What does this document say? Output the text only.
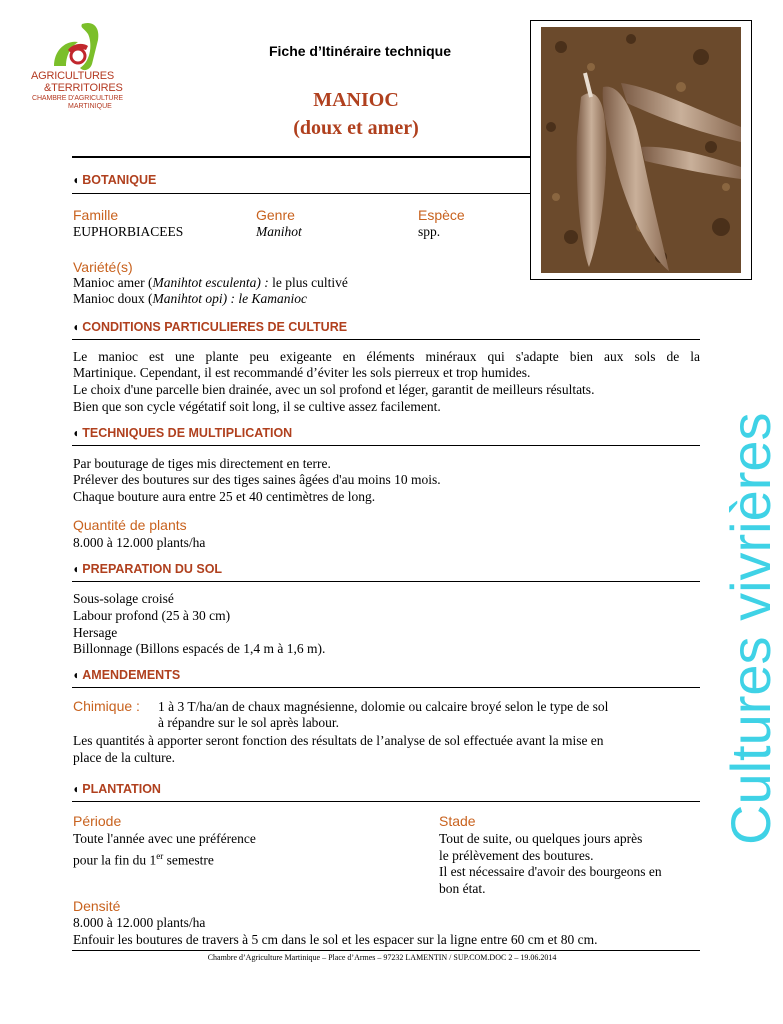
AGRICULTURES
&TERRITOIRES
CHAMBRE D'AGRICULTURE
MARTINIQUE
Fiche d’Itinéraire technique
MANIOC
(doux et amer)
Cultures vivrières
◖ BOTANIQUE
Famille
EUPHORBIACEES
Genre
Manihot
Espèce
spp.
Variété(s)
Manioc amer (Manihtot esculenta) : le plus cultivé
Manioc doux (Manihtot opi) : le Kamanioc
◖ CONDITIONS PARTICULIERES DE CULTURE
Le manioc est une plante peu exigeante en éléments minéraux qui s'adapte bien aux sols de la
Martinique. Cependant, il est recommandé d’éviter les sols pierreux et trop humides.
Le choix d'une parcelle bien drainée, avec un sol profond et léger, garantit de meilleurs résultats.
Bien que son cycle végétatif soit long, il se cultive assez facilement.
◖ TECHNIQUES DE MULTIPLICATION
Par bouturage de tiges mis directement en terre.
Prélever des boutures sur des tiges saines âgées d'au moins 10 mois.
Chaque bouture aura entre 25 et 40 centimètres de long.
Quantité de plants
8.000 à 12.000 plants/ha
◖ PREPARATION DU SOL
Sous-solage croisé
Labour profond (25 à 30 cm)
Hersage
Billonnage (Billons espacés de 1,4 m à 1,6 m).
◖ AMENDEMENTS
Chimique : 1 à 3 T/ha/an de chaux magnésienne, dolomie ou calcaire broyé selon le type de sol
à répandre sur le sol après labour.
Les quantités à apporter seront fonction des résultats de l’analyse de sol effectuée avant la mise en
place de la culture.
◖ PLANTATION
Période
Toute l'année avec une préférence
pour la fin du 1er semestre
Stade
Tout de suite, ou quelques jours après
le prélèvement des boutures.
Il est nécessaire d'avoir des bourgeons en
bon état.
Densité
8.000 à 12.000 plants/ha
Enfouir les boutures de travers à 5 cm dans le sol et les espacer sur la ligne entre 60 cm et 80 cm.
Chambre d’Agriculture Martinique – Place d’Armes – 97232 LAMENTIN / SUP.COM.DOC 2 – 19.06.2014
